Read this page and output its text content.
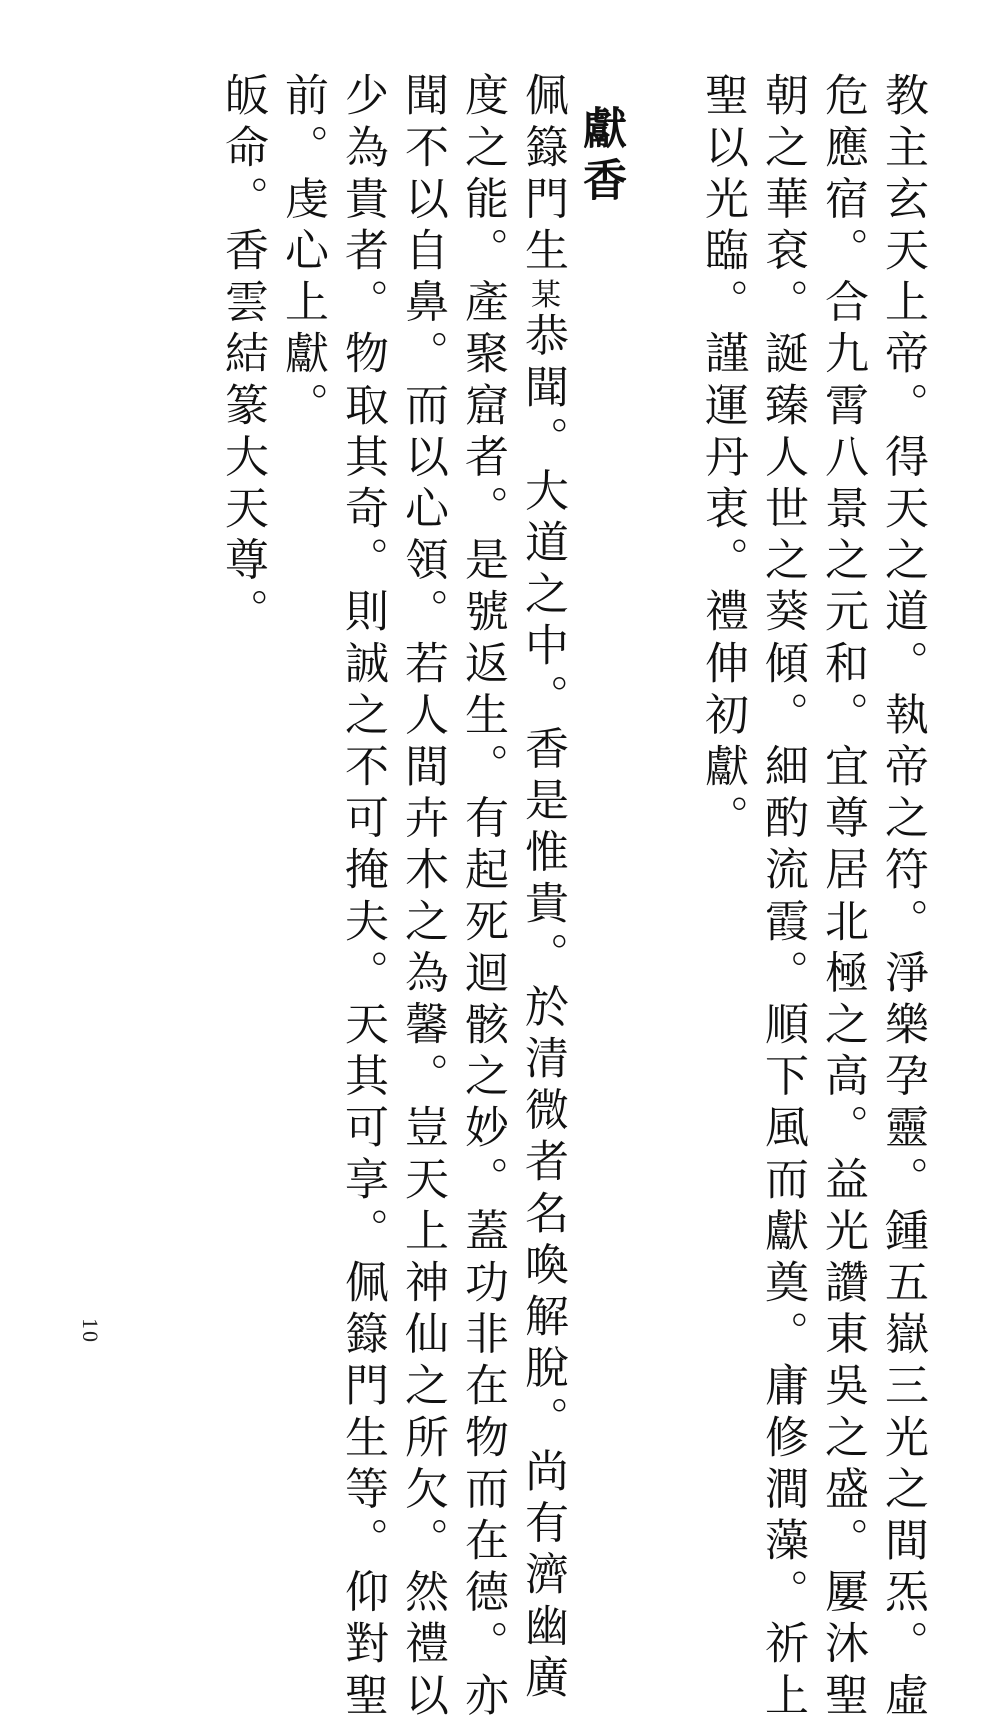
教主玄天上帝。得天之道。執帝之符。淨樂孕靈。鍾五嶽三光之間炁。虛
危應宿。合九霄八景之元和。宜尊居北極之高。益光讚東吳之盛。屢沐聖
朝之華袞。誕臻人世之葵傾。細酌流霞。順下風而獻奠。庸修澗藻。祈上
聖以光臨。謹運丹衷。禮伸初獻。
獻香
佩籙門生某恭聞。大道之中。香是惟貴。於清微者名喚解脫。尚有濟幽廣
度之能。產聚窟者。是號返生。有起死迴骸之妙。蓋功非在物而在德。亦
聞不以自鼻。而以心領。若人間卉木之為馨。豈天上神仙之所欠。然禮以
少為貴者。物取其奇。則誠之不可掩夫。天其可享。佩籙門生等。仰對聖
前。虔心上獻。
皈命。香雲結篆大天尊。
10
